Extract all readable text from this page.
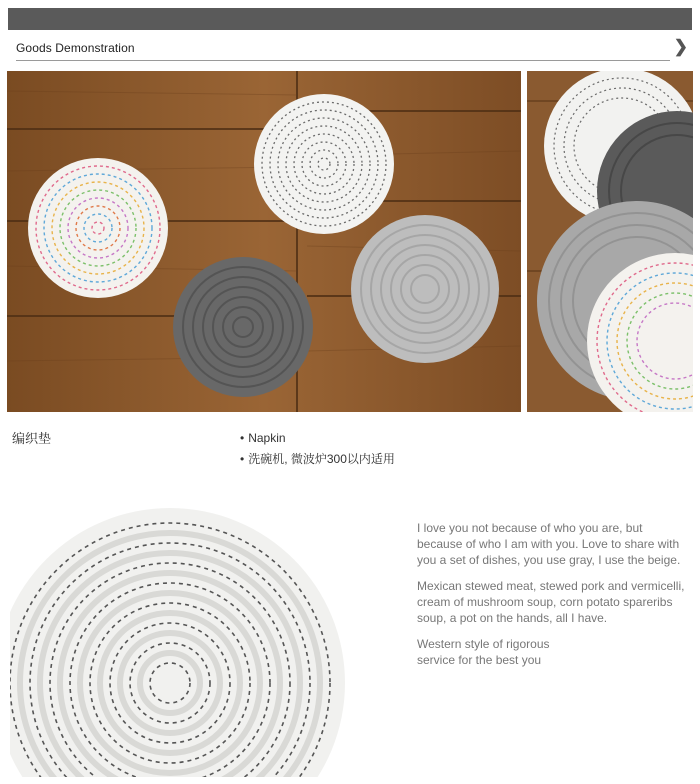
Goods Demonstration	❯
编织垫	• Napkin
• 洗碗机, 微波炉300以内适用

I love you not because of who you are, but because of who I am with you. Love to share with you a set of dishes, you use gray, I use the beige.

Mexican stewed meat, stewed pork and vermicelli, cream of mushroom soup, corn potato spareribs soup, a pot on the hands, all I have.

Western style of rigorous
service for the best you
